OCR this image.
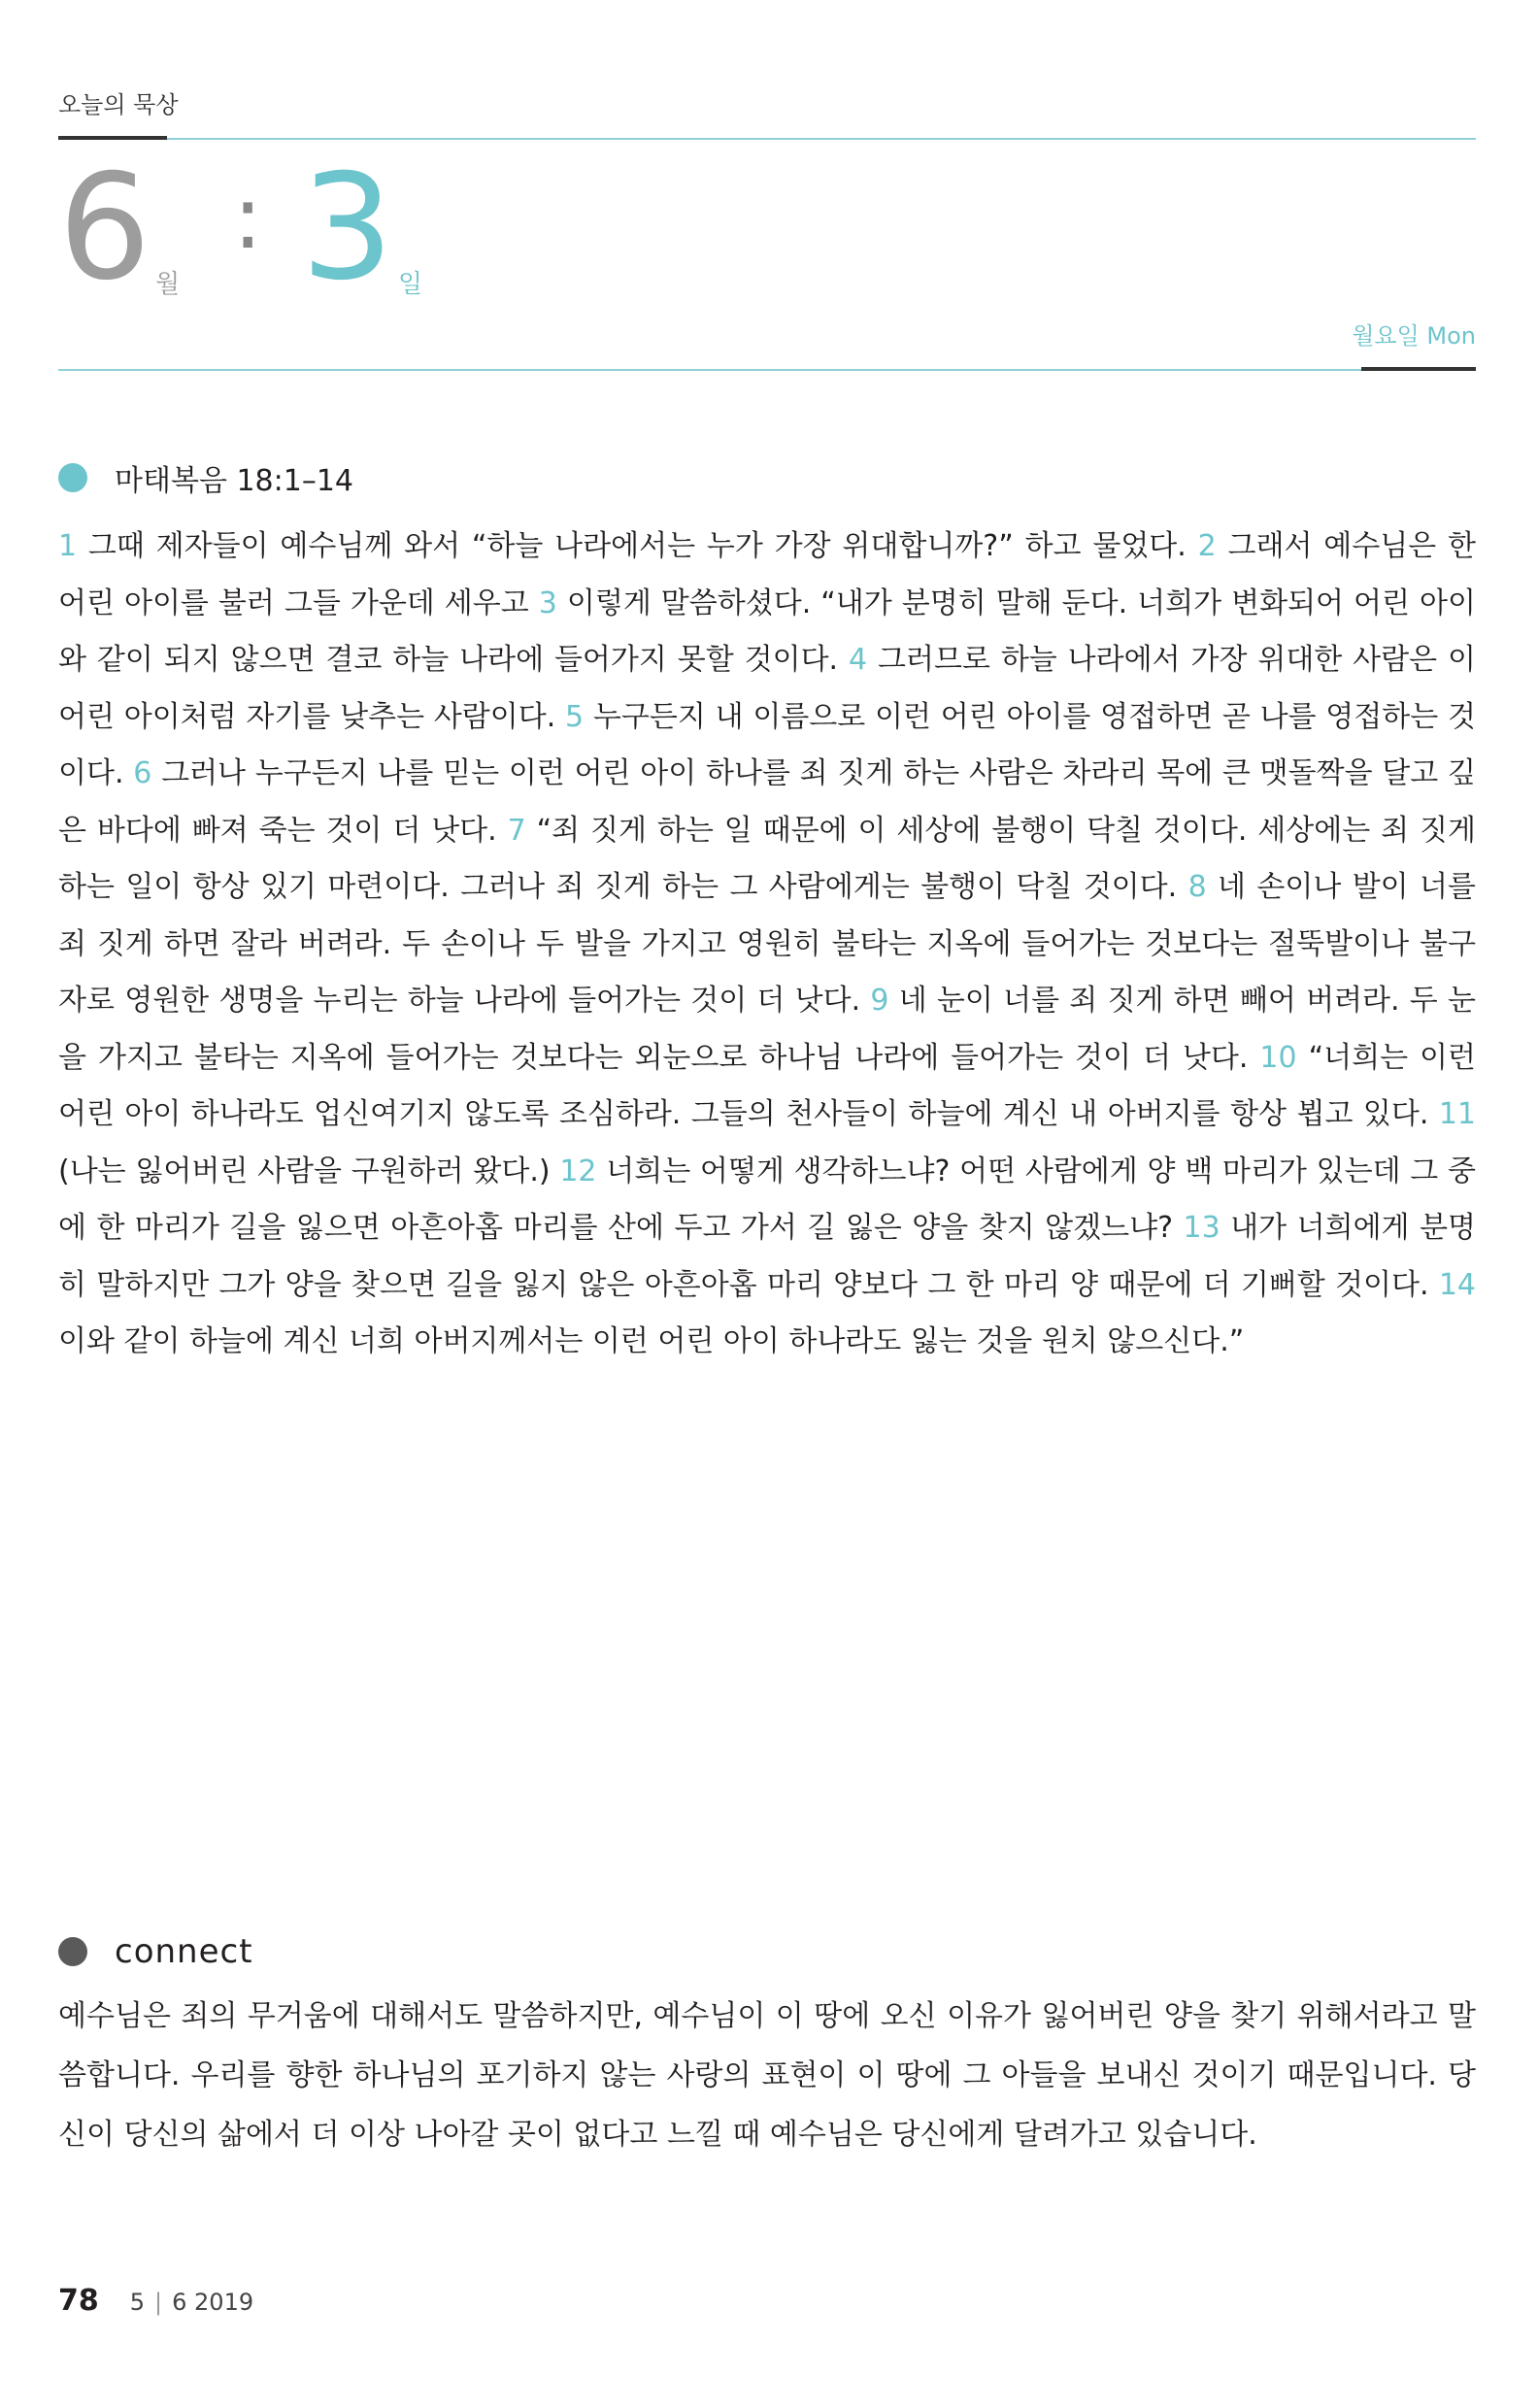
오늘의 묵상
6 월
: 3 일
월요일 Mon
마태복음 18:1–14
1 그때 제자들이 예수님께 와서 “하늘 나라에서는 누가 가장 위대합니까?” 하고 물었다. 2 그래서 예수님은 한 어린 아이를 불러 그들 가운데 세우고 3 이렇게 말씀하셨다. “내가 분명히 말해 둔다. 너희가 변화되어 어린 아이와 같이 되지 않으면 결코 하늘 나라에 들어가지 못할 것이다. 4 그러므로 하늘 나라에서 가장 위대한 사람은 이 어린 아이처럼 자기를 낮추는 사람이다. 5 누구든지 내 이름으로 이런 어린 아이를 영접하면 곧 나를 영접하는 것이다. 6 그러나 누구든지 나를 믿는 이런 어린 아이 하나를 죄 짓게 하는 사람은 차라리 목에 큰 맷돌짝을 달고 깊은 바다에 빠져 죽는 것이 더 낫다. 7 “죄 짓게 하는 일 때문에 이 세상에 불행이 닥칠 것이다. 세상에는 죄 짓게 하는 일이 항상 있기 마련이다. 그러나 죄 짓게 하는 그 사람에게는 불행이 닥칠 것이다. 8 네 손이나 발이 너를 죄 짓게 하면 잘라 버려라. 두 손이나 두 발을 가지고 영원히 불타는 지옥에 들어가는 것보다는 절뚝발이나 불구자로 영원한 생명을 누리는 하늘 나라에 들어가는 것이 더 낫다. 9 네 눈이 너를 죄 짓게 하면 빼어 버려라. 두 눈을 가지고 불타는 지옥에 들어가는 것보다는 외눈으로 하나님 나라에 들어가는 것이 더 낫다. 10 “너희는 이런 어린 아이 하나라도 업신여기지 않도록 조심하라. 그들의 천사들이 하늘에 계신 내 아버지를 항상 뵙고 있다. 11 (나는 잃어버린 사람을 구원하러 왔다.) 12 너희는 어떻게 생각하느냐? 어떤 사람에게 양 백 마리가 있는데 그 중에 한 마리가 길을 잃으면 아흔아홉 마리를 산에 두고 가서 길 잃은 양을 찾지 않겠느냐? 13 내가 너희에게 분명히 말하지만 그가 양을 찾으면 길을 잃지 않은 아흔아홉 마리 양보다 그 한 마리 양 때문에 더 기뻐할 것이다. 14 이와 같이 하늘에 계신 너희 아버지께서는 이런 어린 아이 하나라도 잃는 것을 원치 않으신다.”
connect
예수님은 죄의 무거움에 대해서도 말씀하지만, 예수님이 이 땅에 오신 이유가 잃어버린 양을 찾기 위해서라고 말씀합니다. 우리를 향한 하나님의 포기하지 않는 사랑의 표현이 이 땅에 그 아들을 보내신 것이기 때문입니다. 당신이 당신의 삶에서 더 이상 나아갈 곳이 없다고 느낄 때 예수님은 당신에게 달려가고 있습니다.
78 5 | 6 2019
